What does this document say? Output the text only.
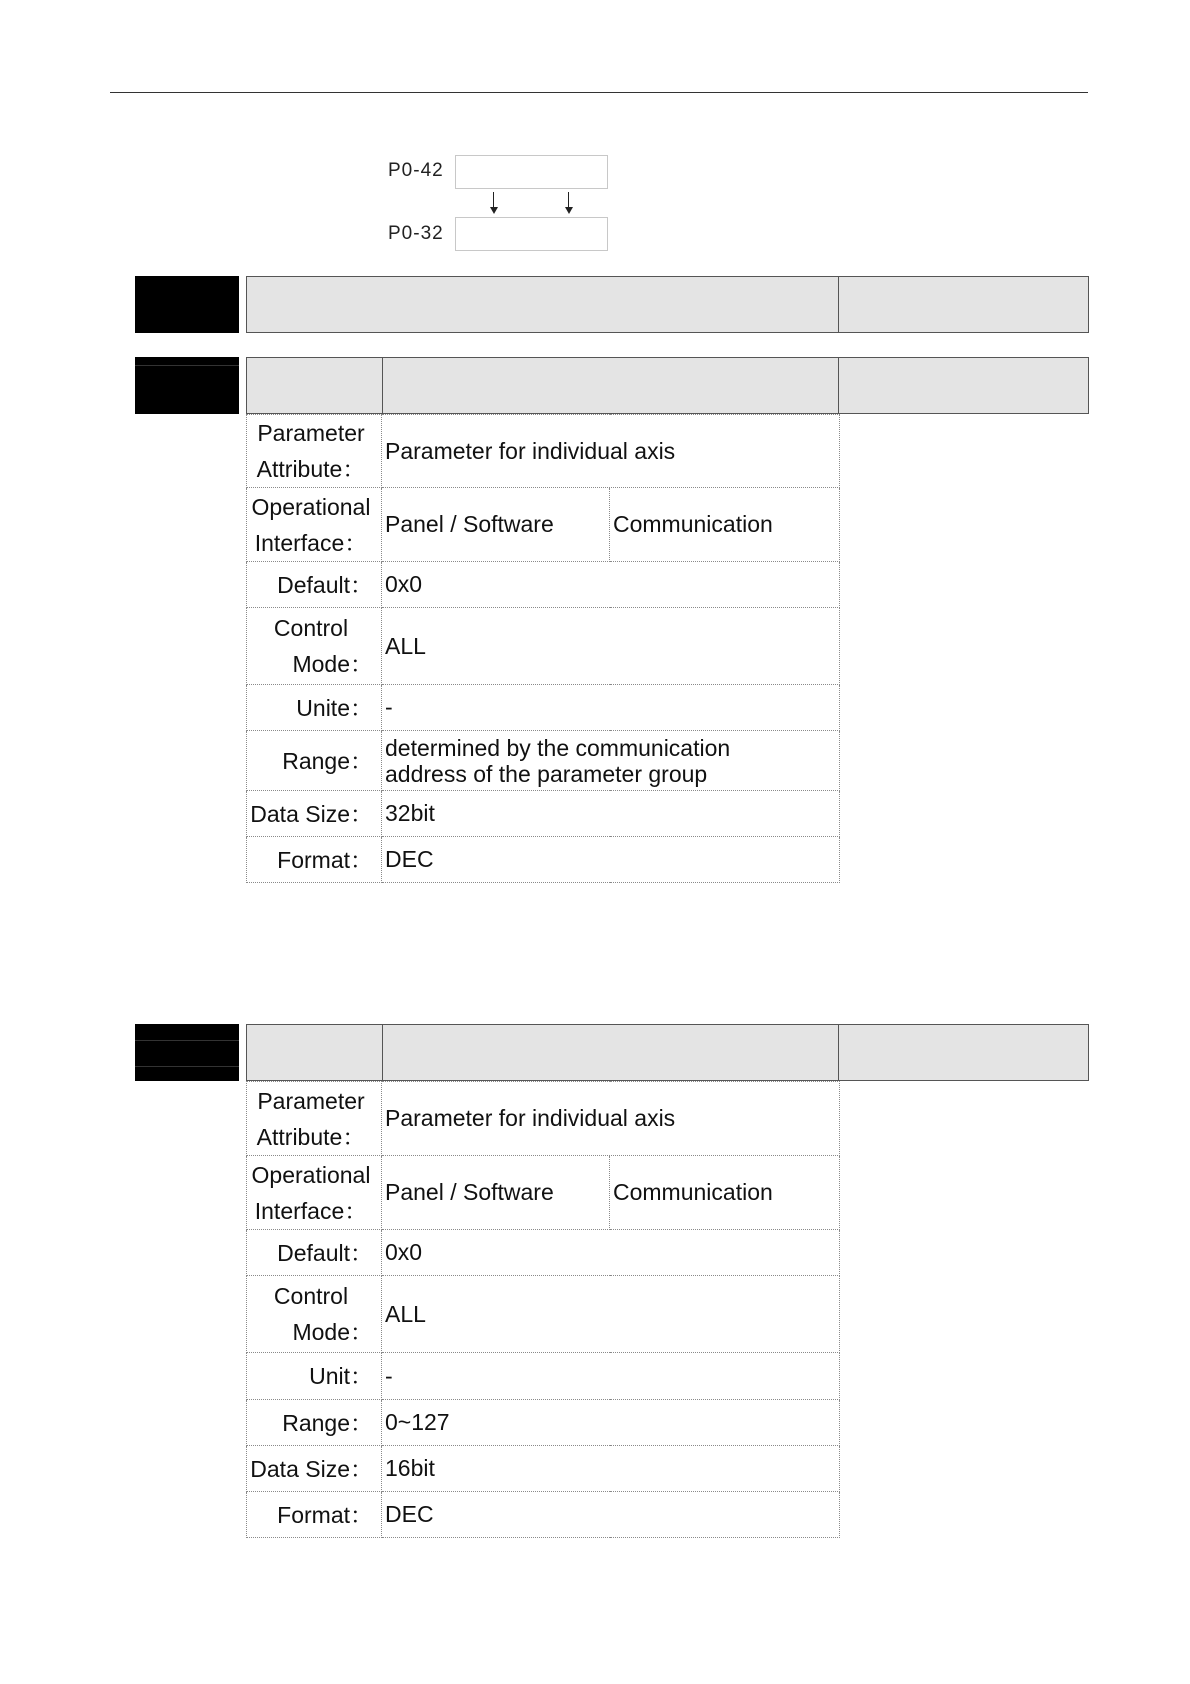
P0-42
P0-32
Parameter
Attribute：	Parameter for individual axis	

Operational
Interface：	Panel / Software	Communication
Default：	0x0	

Control
Mode：	ALL	
Unite：	-	
Range：	determined by the communication
address of the parameter group	

Data Size：	32bit	
Format：	DEC	
Parameter
Attribute：	Parameter for individual axis	

Operational
Interface：	Panel / Software	Communication
Default：	0x0	

Control
Mode：	ALL	
Unit：	-	
Range：	0~127	
Data Size：	16bit	
Format：	DEC	
